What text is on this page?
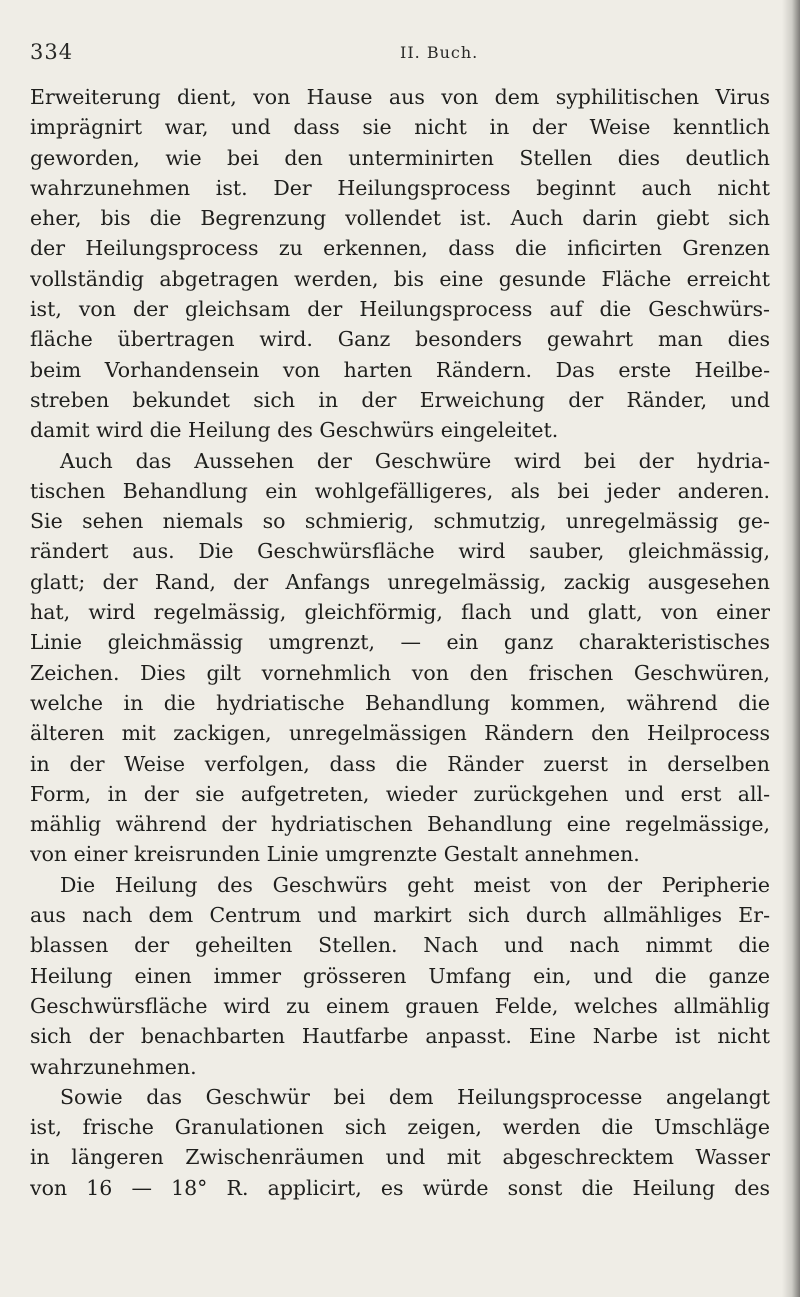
334	II. Buch.
Erweiterung dient, von Hause aus von dem syphilitischen Virus
imprägnirt war, und dass sie nicht in der Weise kenntlich
geworden, wie bei den unterminirten Stellen dies deutlich
wahrzunehmen ist. Der Heilungsprocess beginnt auch nicht
eher, bis die Begrenzung vollendet ist. Auch darin giebt sich
der Heilungsprocess zu erkennen, dass die inficirten Grenzen
vollständig abgetragen werden, bis eine gesunde Fläche erreicht
ist, von der gleichsam der Heilungsprocess auf die Geschwürs-
fläche übertragen wird. Ganz besonders gewahrt man dies
beim Vorhandensein von harten Rändern. Das erste Heilbe-
streben bekundet sich in der Erweichung der Ränder, und
damit wird die Heilung des Geschwürs eingeleitet.
Auch das Aussehen der Geschwüre wird bei der hydria-
tischen Behandlung ein wohlgefälligeres, als bei jeder anderen.
Sie sehen niemals so schmierig, schmutzig, unregelmässig ge-
rändert aus. Die Geschwürsfläche wird sauber, gleichmässig,
glatt; der Rand, der Anfangs unregelmässig, zackig ausgesehen
hat, wird regelmässig, gleichförmig, flach und glatt, von einer
Linie gleichmässig umgrenzt, — ein ganz charakteristisches
Zeichen. Dies gilt vornehmlich von den frischen Geschwüren,
welche in die hydriatische Behandlung kommen, während die
älteren mit zackigen, unregelmässigen Rändern den Heilprocess
in der Weise verfolgen, dass die Ränder zuerst in derselben
Form, in der sie aufgetreten, wieder zurückgehen und erst all-
mählig während der hydriatischen Behandlung eine regelmässige,
von einer kreisrunden Linie umgrenzte Gestalt annehmen.
Die Heilung des Geschwürs geht meist von der Peripherie
aus nach dem Centrum und markirt sich durch allmähliges Er-
blassen der geheilten Stellen. Nach und nach nimmt die
Heilung einen immer grösseren Umfang ein, und die ganze
Geschwürsfläche wird zu einem grauen Felde, welches allmählig
sich der benachbarten Hautfarbe anpasst. Eine Narbe ist nicht
wahrzunehmen.
Sowie das Geschwür bei dem Heilungsprocesse angelangt
ist, frische Granulationen sich zeigen, werden die Umschläge
in längeren Zwischenräumen und mit abgeschrecktem Wasser
von 16 — 18° R. applicirt, es würde sonst die Heilung des
